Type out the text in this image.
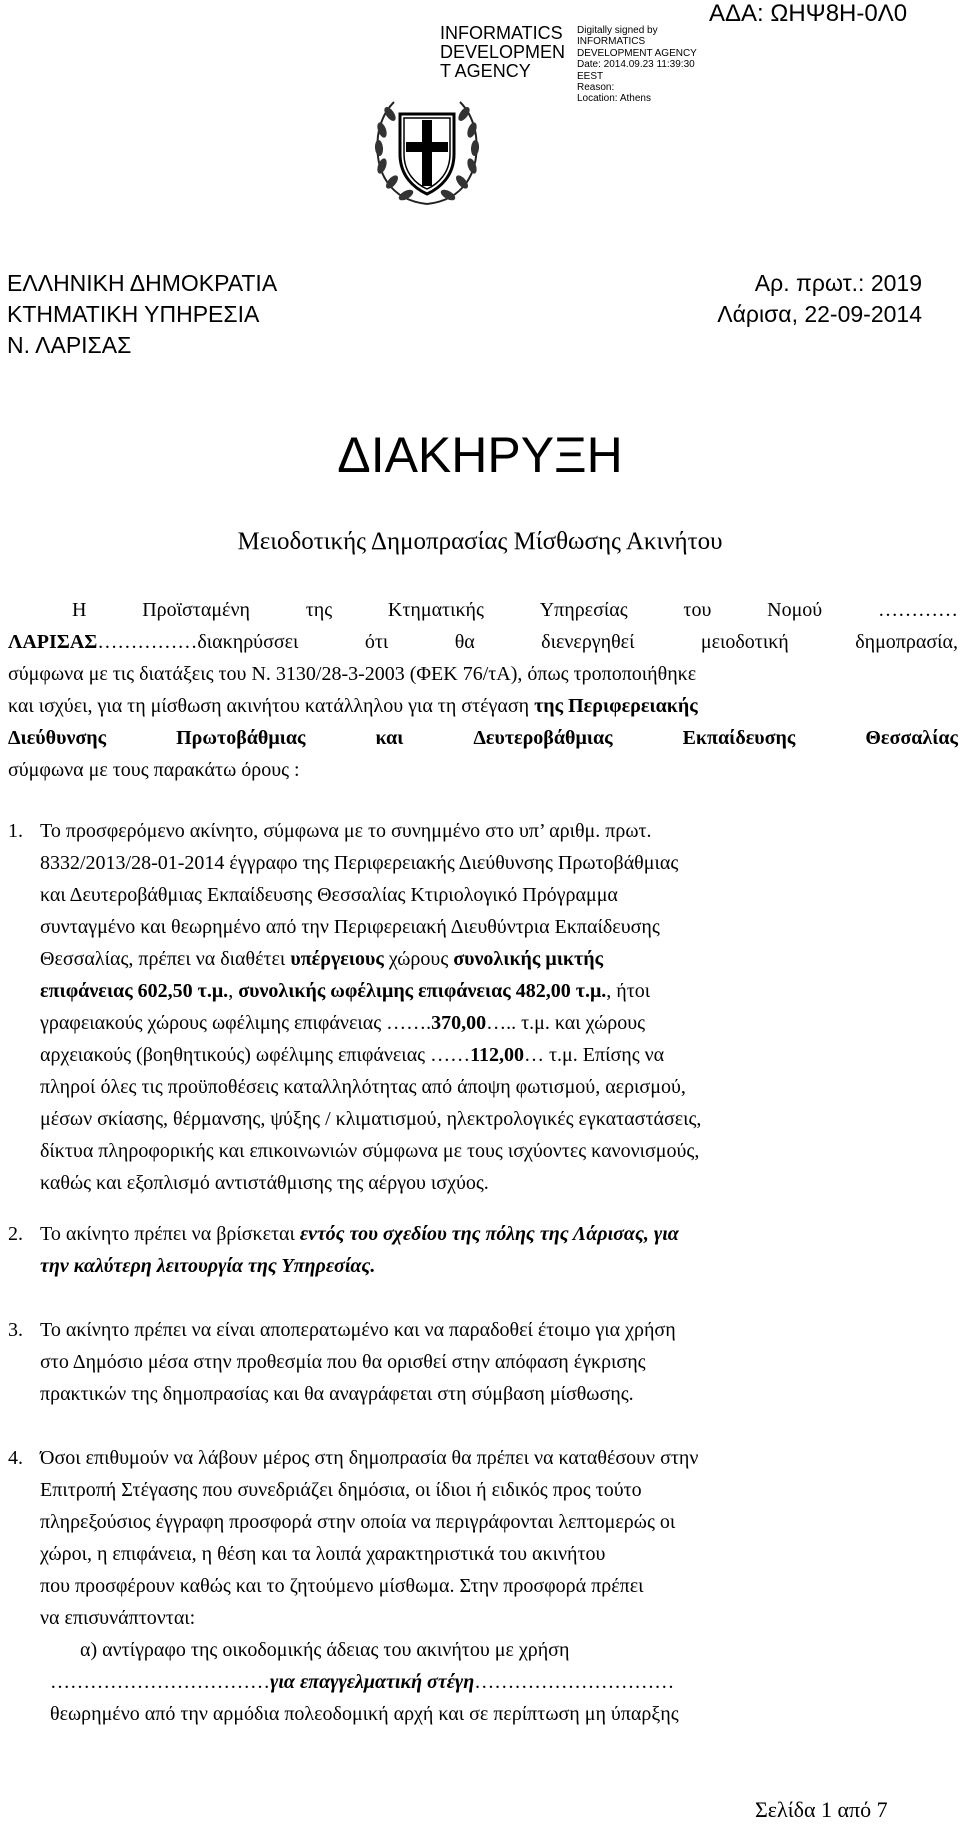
INFORMATICS
DEVELOPMEN
T AGENCY
Digitally signed by
INFORMATICS
DEVELOPMENT AGENCY
Date: 2014.09.23 11:39:30
EEST
Reason:
Location: Athens
ΑΔΑ: ΩΗΨ8Η-0Λ0
ΕΛΛΗΝΙΚΗ ΔΗΜΟΚΡΑΤΙΑ
ΚΤΗΜΑΤΙΚΗ ΥΠΗΡΕΣΙΑ
Ν. ΛΑΡΙΣΑΣ
Αρ. πρωτ.: 2019
Λάρισα, 22-09-2014
ΔΙΑΚΗΡΥΞΗ
Μειοδοτικής Δημοπρασίας Μίσθωσης Ακινήτου
Η	Προϊσταμένη	της	Κτηματικής	Υπηρεσίας	του	Νομού	…………
ΛΑΡΙΣΑΣ……………διακηρύσσει	ότι	θα	διενεργηθεί	μειοδοτική	δημοπρασία,
σύμφωνα με τις διατάξεις του Ν. 3130/28-3-2003 (ΦΕΚ 76/τΑ), όπως τροποποιήθηκε
και ισχύει, για τη μίσθωση ακινήτου κατάλληλου για τη στέγαση της Περιφερειακής
Διεύθυνσης	Πρωτοβάθμιας	και	Δευτεροβάθμιας	Εκπαίδευσης	Θεσσαλίας
σύμφωνα με τους παρακάτω όρους :
1. Το προσφερόμενο ακίνητο, σύμφωνα με το συνημμένο στο υπ’ αριθμ. πρωτ.
8332/2013/28-01-2014 έγγραφο της Περιφερειακής Διεύθυνσης Πρωτοβάθμιας
και Δευτεροβάθμιας Εκπαίδευσης Θεσσαλίας Κτιριολογικό Πρόγραμμα
συνταγμένο και θεωρημένο από την Περιφερειακή Διευθύντρια Εκπαίδευσης
Θεσσαλίας, πρέπει να διαθέτει υπέργειους χώρους συνολικής μικτής
επιφάνειας 602,50 τ.μ., συνολικής ωφέλιμης επιφάνειας 482,00 τ.μ., ήτοι
γραφειακούς χώρους ωφέλιμης επιφάνειας …….370,00….. τ.μ. και χώρους
αρχειακούς (βοηθητικούς) ωφέλιμης επιφάνειας ……112,00… τ.μ. Επίσης να
πληροί όλες τις προϋποθέσεις καταλληλότητας από άποψη φωτισμού, αερισμού,
μέσων σκίασης, θέρμανσης, ψύξης / κλιματισμού, ηλεκτρολογικές εγκαταστάσεις,
δίκτυα πληροφορικής και επικοινωνιών σύμφωνα με τους ισχύοντες κανονισμούς,
καθώς και εξοπλισμό αντιστάθμισης της αέργου ισχύος.
2. Το ακίνητο πρέπει να βρίσκεται εντός του σχεδίου της πόλης της Λάρισας, για
την καλύτερη λειτουργία της Υπηρεσίας.
3. Το ακίνητο πρέπει να είναι αποπερατωμένο και να παραδοθεί έτοιμο για χρήση
στο Δημόσιο μέσα στην προθεσμία που θα ορισθεί στην απόφαση έγκρισης
πρακτικών της δημοπρασίας και θα αναγράφεται στη σύμβαση μίσθωσης.
4. Όσοι επιθυμούν να λάβουν μέρος στη δημοπρασία θα πρέπει να καταθέσουν στην
Επιτροπή Στέγασης που συνεδριάζει δημόσια, οι ίδιοι ή ειδικός προς τούτο
πληρεξούσιος έγγραφη προσφορά στην οποία να περιγράφονται λεπτομερώς οι
χώροι, η επιφάνεια, η θέση και τα λοιπά χαρακτηριστικά του ακινήτου
που προσφέρουν καθώς και το ζητούμενο μίσθωμα. Στην προσφορά πρέπει
να επισυνάπτονται:
α) αντίγραφο της οικοδομικής άδειας του ακινήτου με χρήση
……………………………για επαγγελματική στέγη…………………………
θεωρημένο από την αρμόδια πολεοδομική αρχή και σε περίπτωση μη ύπαρξης
Σελίδα 1 από 7
